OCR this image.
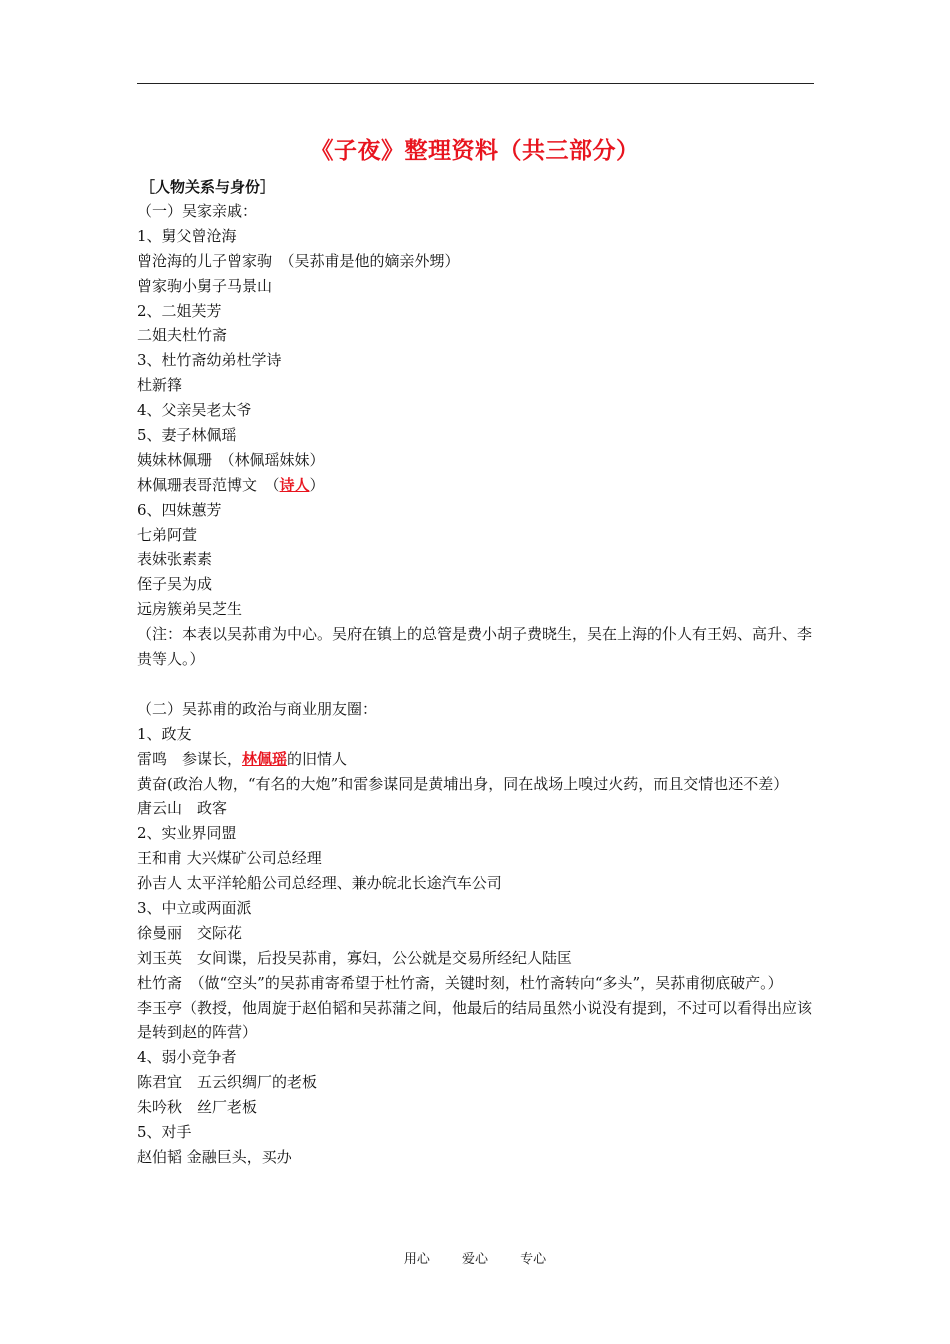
《子夜》整理资料（共三部分）
［人物关系与身份］
（一）吴家亲戚：
1、舅父曾沧海
曾沧海的儿子曾家驹　（吴荪甫是他的嫡亲外甥）
曾家驹小舅子马景山
2、二姐芙芳
二姐夫杜竹斋
3、杜竹斋幼弟杜学诗
杜新箨
4、父亲吴老太爷
5、妻子林佩瑶
姨妹林佩珊　（林佩瑶妹妹）
林佩珊表哥范博文　（诗人）
6、四妹蕙芳
七弟阿萱
表妹张素素
侄子吴为成
远房簇弟吴芝生
（注：本表以吴荪甫为中心。吴府在镇上的总管是费小胡子费晓生，吴在上海的仆人有王妈、高升、李贵等人。）
（二）吴荪甫的政治与商业朋友圈：
1、政友
雷鸣　参谋长，林佩瑶的旧情人
黄奋(政治人物，“有名的大炮”和雷参谋同是黄埔出身，同在战场上嗅过火药，而且交情也还不差）
唐云山　政客
2、实业界同盟
王和甫 大兴煤矿公司总经理
孙吉人 太平洋轮船公司总经理、兼办皖北长途汽车公司
3、中立或两面派
徐曼丽　交际花
刘玉英　女间谍，后投吴荪甫，寡妇，公公就是交易所经纪人陆匡
杜竹斋　（做“空头”的吴荪甫寄希望于杜竹斋，关键时刻，杜竹斋转向“多头”，吴荪甫彻底破产。）
李玉亭（教授，他周旋于赵伯韬和吴荪蒲之间，他最后的结局虽然小说没有提到，不过可以看得出应该是转到赵的阵营）
4、弱小竞争者
陈君宜　五云织绸厂的老板
朱吟秋　丝厂老板
5、对手
赵伯韬 金融巨头，买办
用心 爱心 专心
